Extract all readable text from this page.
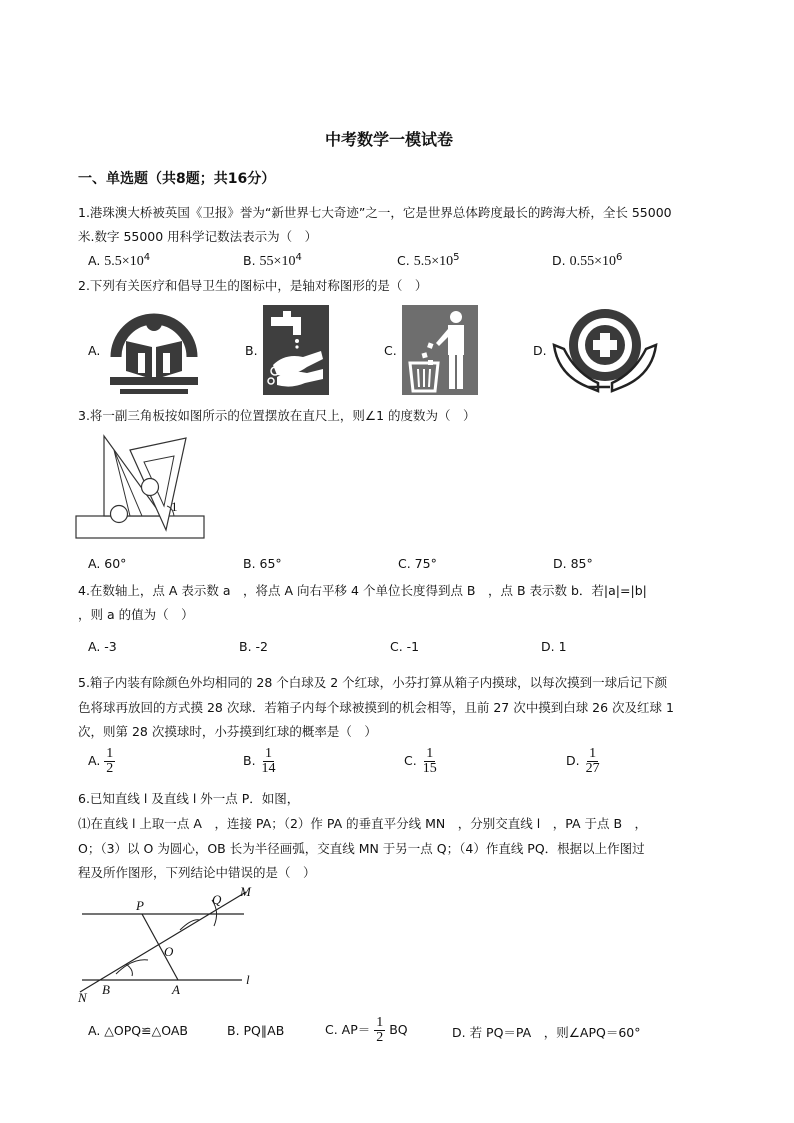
中考数学一模试卷
一、单选题（共8题；共16分）
1.港珠澳大桥被英国《卫报》誉为“新世界七大奇迹”之一，它是世界总体跨度最长的跨海大桥，全长 55000
米.数字 55000 用科学记数法表示为（　）
A. $5.5\times 10^4$	B. $55\times 10^4$	C. $5.5\times 10^5$	D. $0.55\times 10^6$
2.下列有关医疗和倡导卫生的图标中，是轴对称图形的是（　）
A.	B.	C.	D.
3.将一副三角板按如图所示的位置摆放在直尺上，则∠1 的度数为（　）
1
A. 60°	B. 65°	C. 75°	D. 85°
4.在数轴上，点 A 表示数 a　，将点 A 向右平移 4 个单位长度得到点 B　，点 B 表示数 b．若|a|=|b|
，则 a 的值为（　）
A. -3	B. -2	C. -1	D. 1
5.箱子内装有除颜色外均相同的 28 个白球及 2 个红球，小芬打算从箱子内摸球，以每次摸到一球后记下颜
色将球再放回的方式摸 28 次球．若箱子内每个球被摸到的机会相等，且前 27 次中摸到白球 26 次及红球 1
次，则第 28 次摸球时，小芬摸到红球的概率是（　）
A. $\frac{1}{2}$	B. $\frac{1}{14}$	C. $\frac{1}{15}$	D. $\frac{1}{27}$
6.已知直线 l 及直线 l 外一点 P．如图，
⑴在直线 l 上取一点 A　，连接 PA；（2）作 PA 的垂直平分线 MN　，分别交直线 l　，PA 于点 B　，
O；（3）以 O 为圆心，OB 长为半径画弧，交直线 MN 于另一点 Q；（4）作直线 PQ．根据以上作图过
程及所作图形，下列结论中错误的是（　）
P	Q
M
O
N
B	A
l
A. △OPQ≌△OAB	B. PQ∥AB	C. $AP= \frac{1}{2}$ BQ	D. 若 PQ＝PA　，则∠APQ＝60°
